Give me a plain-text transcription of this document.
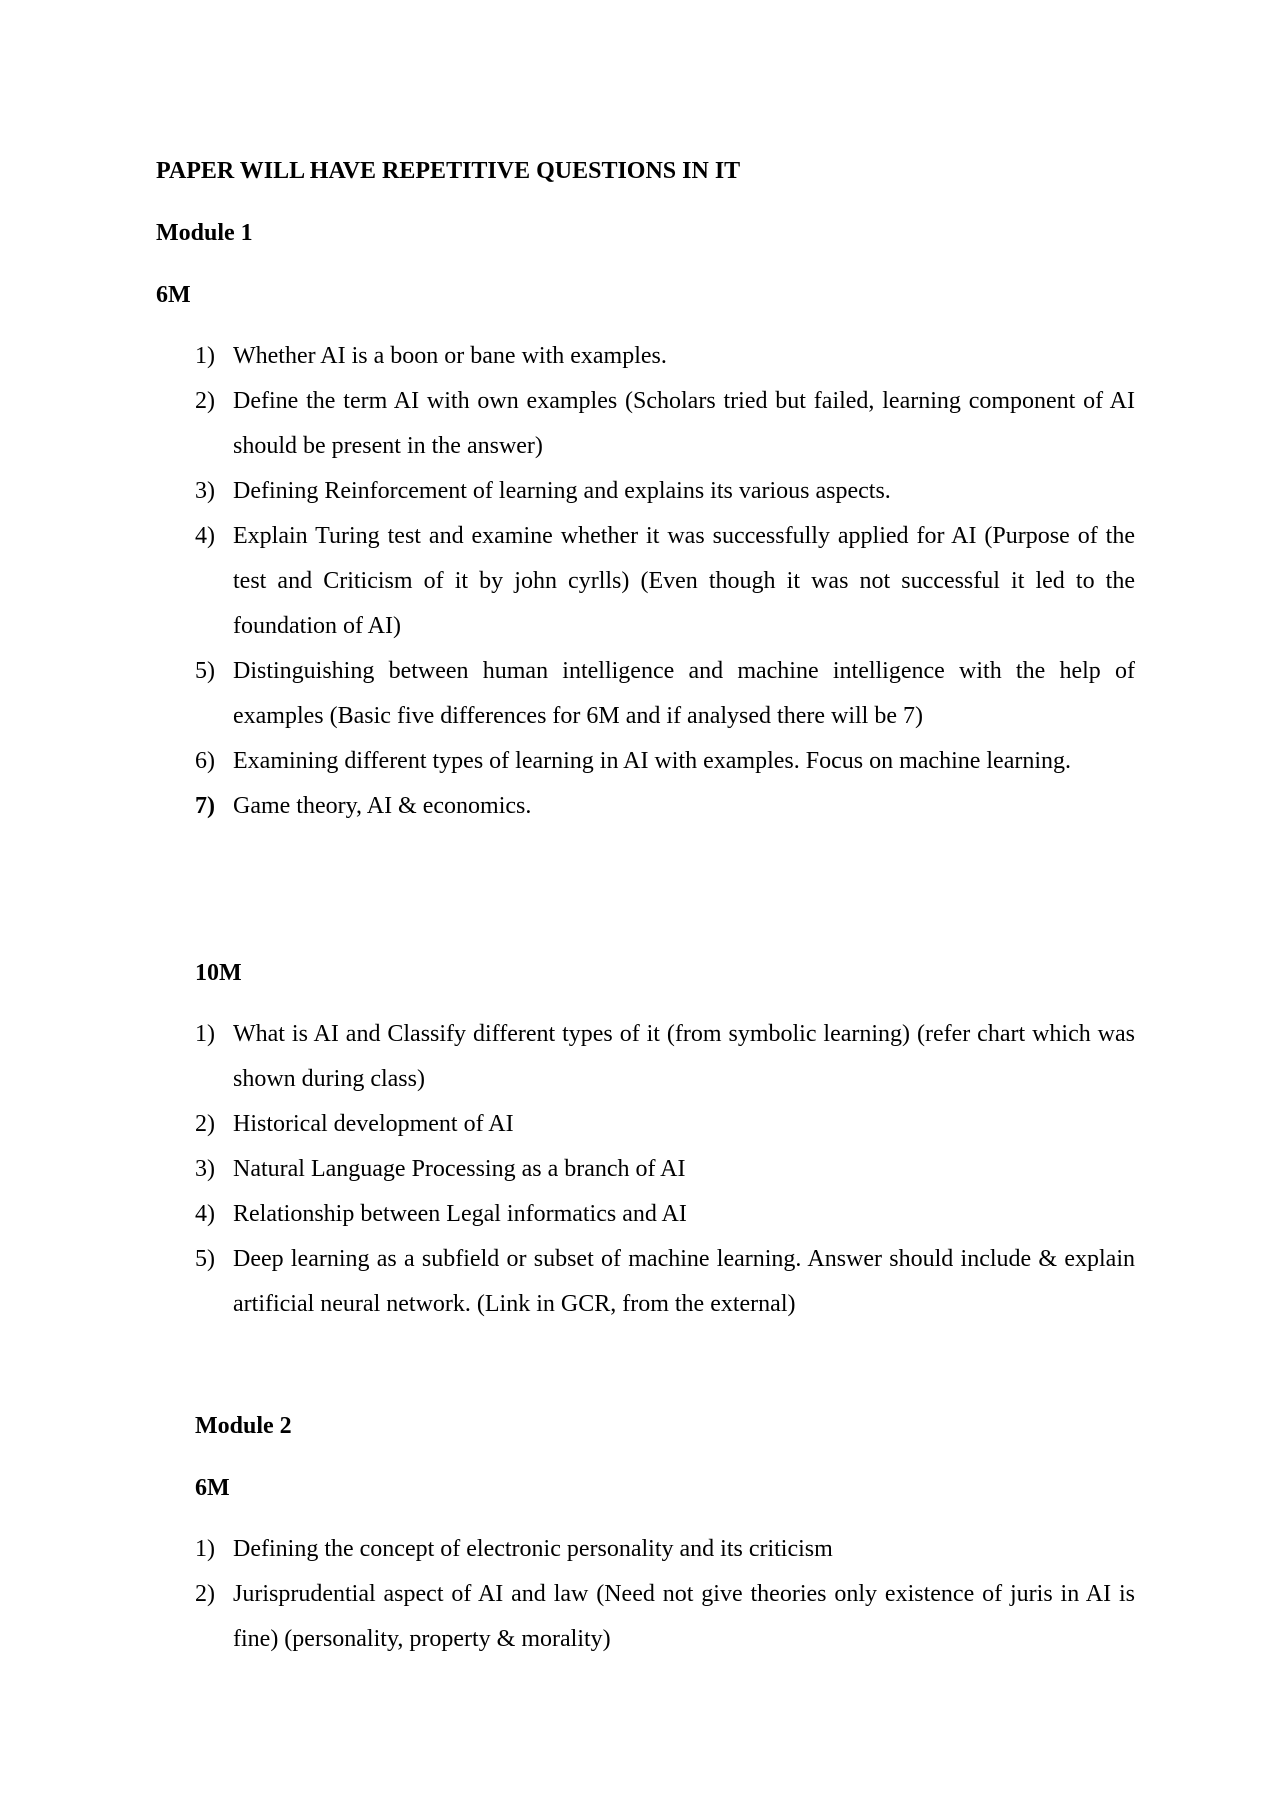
PAPER WILL HAVE REPETITIVE QUESTIONS IN IT
Module 1
6M
1) Whether AI is a boon or bane with examples.
2) Define the term AI with own examples (Scholars tried but failed, learning component of AI should be present in the answer)
3) Defining Reinforcement of learning and explains its various aspects.
4) Explain Turing test and examine whether it was successfully applied for AI (Purpose of the test and Criticism of it by john cyrlls) (Even though it was not successful it led to the foundation of AI)
5) Distinguishing between human intelligence and machine intelligence with the help of examples (Basic five differences for 6M and if analysed there will be 7)
6) Examining different types of learning in AI with examples. Focus on machine learning.
7) Game theory, AI & economics.
10M
1) What is AI and Classify different types of it (from symbolic learning) (refer chart which was shown during class)
2) Historical development of AI
3) Natural Language Processing as a branch of AI
4) Relationship between Legal informatics and AI
5) Deep learning as a subfield or subset of machine learning. Answer should include & explain artificial neural network. (Link in GCR, from the external)
Module 2
6M
1) Defining the concept of electronic personality and its criticism
2) Jurisprudential aspect of AI and law (Need not give theories only existence of juris in AI is fine) (personality, property & morality)
